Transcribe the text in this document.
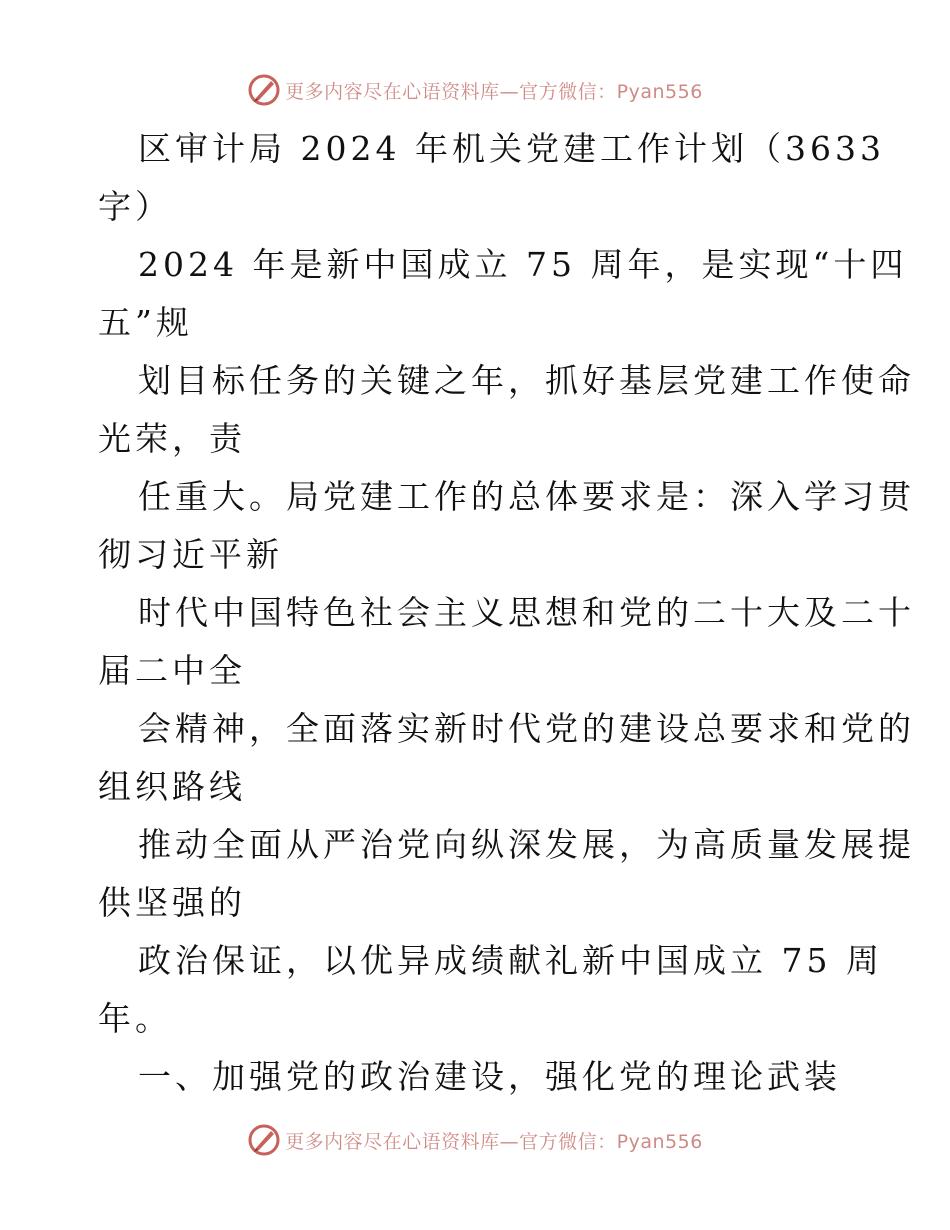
更多内容尽在心语资料库—官方微信：Pyan556

区审计局 2024 年机关党建工作计划（3633

字）

2024 年是新中国成立 75 周年，是实现“十四

五”规

划目标任务的关键之年，抓好基层党建工作使命

光荣，责

任重大。局党建工作的总体要求是：深入学习贯

彻习近平新

时代中国特色社会主义思想和党的二十大及二十

届二中全

会精神，全面落实新时代党的建设总要求和党的

组织路线

推动全面从严治党向纵深发展，为高质量发展提

供坚强的

政治保证，以优异成绩献礼新中国成立 75 周

年。

一、加强党的政治建设，强化党的理论武装

更多内容尽在心语资料库—官方微信：Pyan556
